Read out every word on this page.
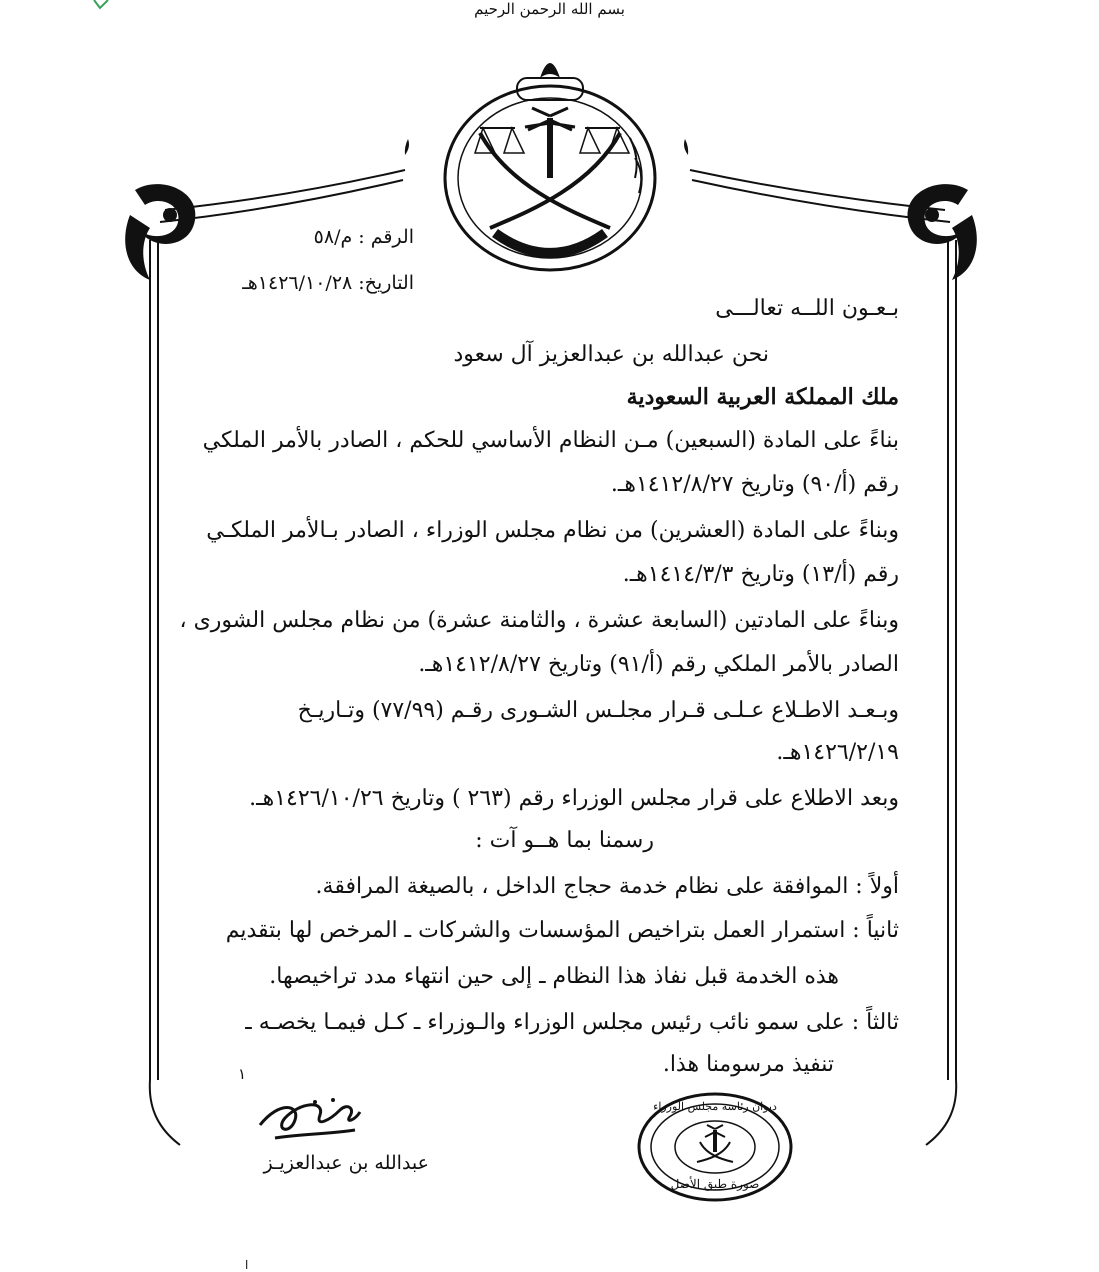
بسم الله الرحمن الرحيم
الرقم : م/٥٨
التاريخ: ١٤٢٦/١٠/٢٨هـ
بـعـون اللــه تعالـــى
نحن عبدالله بن عبدالعزيز آل سعود
ملك المملكة العربية السعودية
بناءً على المادة (السبعين) مـن النظام الأساسي للحكم ، الصادر بالأمر الملكي
رقم (أ/٩٠) وتاريخ ١٤١٢/٨/٢٧هـ.
وبناءً على المادة (العشرين) من نظام مجلس الوزراء ، الصادر بـالأمر الملكـي
رقم (أ/١٣) وتاريخ ١٤١٤/٣/٣هـ.
وبناءً على المادتين (السابعة عشرة ، والثامنة عشرة) من نظام مجلس الشورى ،
الصادر بالأمر الملكي رقم (أ/٩١) وتاريخ ١٤١٢/٨/٢٧هـ.
وبـعـد الاطـلاع عـلـى قـرار مجلـس الشـورى رقـم (٧٧/٩٩) وتـاريـخ
١٤٢٦/٢/١٩هـ.
وبعد الاطلاع على قرار مجلس الوزراء رقم (٢٦٣ ) وتاريخ ١٤٢٦/١٠/٢٦هـ.
رسمنا بما هــو آت :
أولاً : الموافقة على نظام خدمة حجاج الداخل ، بالصيغة المرافقة.
ثانياً : استمرار العمل بتراخيص المؤسسات والشركات ـ المرخص لها بتقديم
هذه الخدمة قبل نفاذ هذا النظام ـ إلى حين انتهاء مدد تراخيصها.
ثالثاً : على سمو نائب رئيس مجلس الوزراء والـوزراء ـ كـل فيمـا يخصـه ـ
تنفيذ مرسومنا هذا.
١
عبدالله بن عبدالعزيـز
ا
ديوان رئاسة مجلس الوزراء
صورة طبق الأصل
